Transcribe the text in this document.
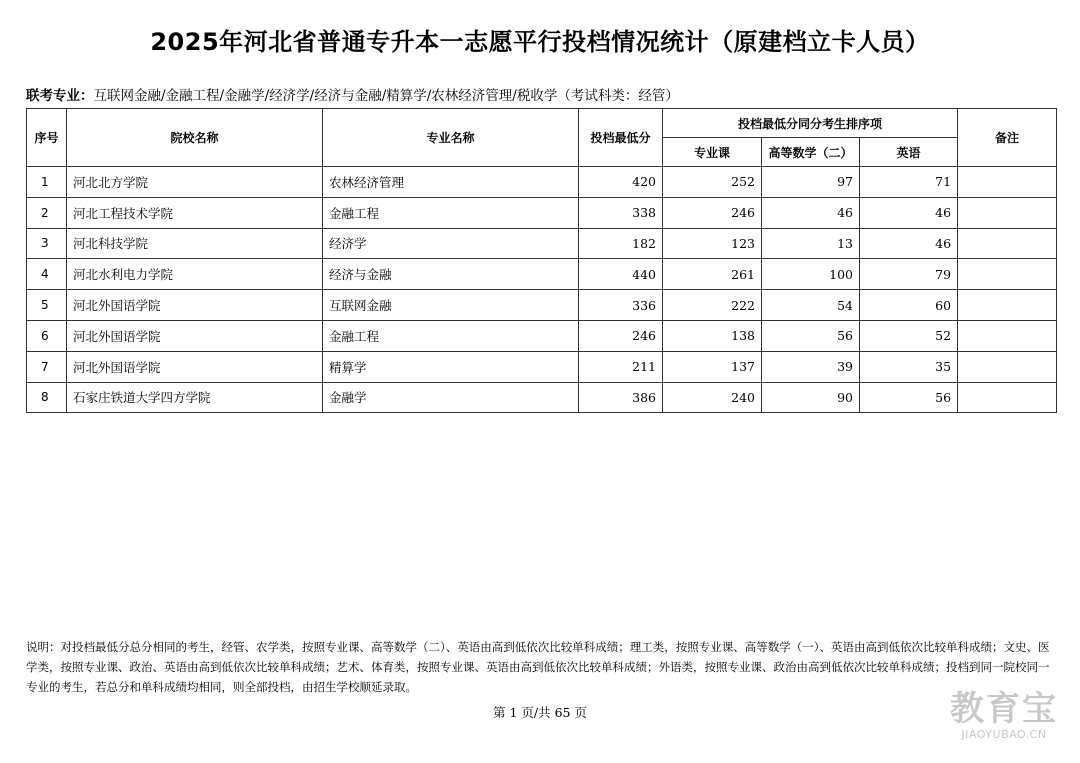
2025年河北省普通专升本一志愿平行投档情况统计（原建档立卡人员）
联考专业：互联网金融/金融工程/金融学/经济学/经济与金融/精算学/农林经济管理/税收学（考试科类：经管）
序号	院校名称	专业名称	投档最低分	投档最低分同分考生排序项			备注
				专业课	高等数学（二）	英语	
1	河北北方学院	农林经济管理	420	252	97	71	
2	河北工程技术学院	金融工程	338	246	46	46	
3	河北科技学院	经济学	182	123	13	46	
4	河北水利电力学院	经济与金融	440	261	100	79	
5	河北外国语学院	互联网金融	336	222	54	60	
6	河北外国语学院	金融工程	246	138	56	52	
7	河北外国语学院	精算学	211	137	39	35	
8	石家庄铁道大学四方学院	金融学	386	240	90	56	
说明：对投档最低分总分相同的考生，经管、农学类，按照专业课、高等数学（二）、英语由高到低依次比较单科成绩；理工类，按照专业课、高等数学（一）、英语由高到低依次比较单科成绩；文史、医学类，按照专业课、政治、英语由高到低依次比较单科成绩；艺术、体育类，按照专业课、英语由高到低依次比较单科成绩；外语类，按照专业课、政治由高到低依次比较单科成绩；投档到同一院校同一专业的考生，若总分和单科成绩均相同，则全部投档，由招生学校顺延录取。
第 1 页/共 65 页	教育宝
JIAOYUBAO.CN
